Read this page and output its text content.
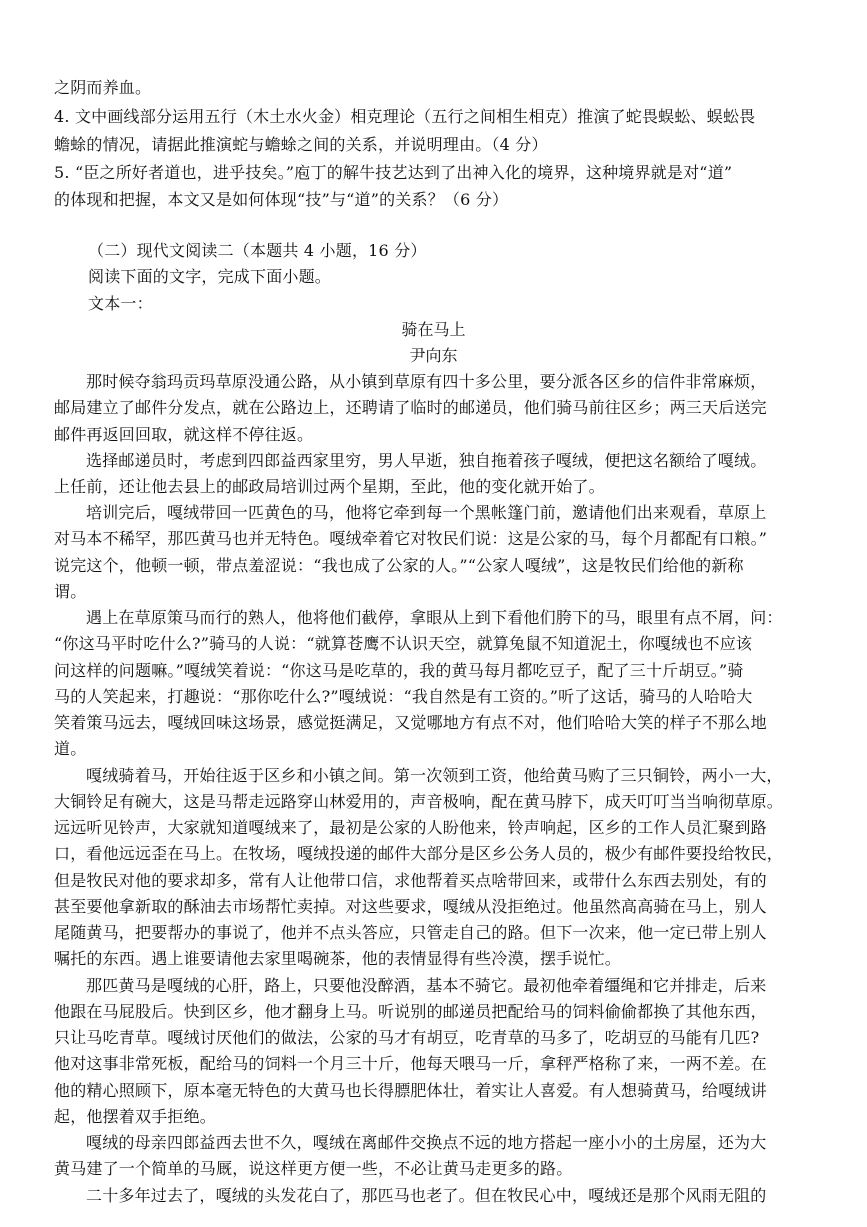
之阴而养血。
4. 文中画线部分运用五行（木土水火金）相克理论（五行之间相生相克）推演了蛇畏蜈蚣、蜈蚣畏
蟾蜍的情况，请据此推演蛇与蟾蜍之间的关系，并说明理由。（4 分）
5. “臣之所好者道也，进乎技矣。”庖丁的解牛技艺达到了出神入化的境界，这种境界就是对“道”
的体现和把握，本文又是如何体现“技”与“道”的关系？（6 分）
（二）现代文阅读二（本题共 4 小题，16 分）
阅读下面的文字，完成下面小题。
文本一：
骑在马上
尹向东
那时候夺翁玛贡玛草原没通公路，从小镇到草原有四十多公里，要分派各区乡的信件非常麻烦，
邮局建立了邮件分发点，就在公路边上，还聘请了临时的邮递员，他们骑马前往区乡；两三天后送完
邮件再返回回取，就这样不停往返。
选择邮递员时，考虑到四郎益西家里穷，男人早逝，独自拖着孩子嘎绒，便把这名额给了嘎绒。
上任前，还让他去县上的邮政局培训过两个星期，至此，他的变化就开始了。
培训完后，嘎绒带回一匹黄色的马，他将它牵到每一个黑帐篷门前，邀请他们出来观看，草原上
对马本不稀罕，那匹黄马也并无特色。嘎绒牵着它对牧民们说：这是公家的马，每个月都配有口粮。”
说完这个，他顿一顿，带点羞涩说：“我也成了公家的人。”“公家人嘎绒”，这是牧民们给他的新称
谓。
遇上在草原策马而行的熟人，他将他们截停，拿眼从上到下看他们胯下的马，眼里有点不屑，问：
“你这马平时吃什么?”骑马的人说：“就算苍鹰不认识天空，就算兔鼠不知道泥土，你嘎绒也不应该
问这样的问题嘛。”嘎绒笑着说：“你这马是吃草的，我的黄马每月都吃豆子，配了三十斤胡豆。”骑
马的人笑起来，打趣说：“那你吃什么?”嘎绒说：“我自然是有工资的。”听了这话，骑马的人哈哈大
笑着策马远去，嘎绒回味这场景，感觉挺满足，又觉哪地方有点不对，他们哈哈大笑的样子不那么地
道。
嘎绒骑着马，开始往返于区乡和小镇之间。第一次领到工资，他给黄马购了三只铜铃，两小一大，
大铜铃足有碗大，这是马帮走远路穿山林爱用的，声音极响，配在黄马脖下，成天叮叮当当响彻草原。
远远听见铃声，大家就知道嘎绒来了，最初是公家的人盼他来，铃声响起，区乡的工作人员汇聚到路
口，看他远远歪在马上。在牧场，嘎绒投递的邮件大部分是区乡公务人员的，极少有邮件要投给牧民，
但是牧民对他的要求却多，常有人让他带口信，求他帮着买点啥带回来，或带什么东西去别处，有的
甚至要他拿新取的酥油去市场帮忙卖掉。对这些要求，嘎绒从没拒绝过。他虽然高高骑在马上，别人
尾随黄马，把要帮办的事说了，他并不点头答应，只管走自己的路。但下一次来，他一定已带上别人
嘱托的东西。遇上谁要请他去家里喝碗茶，他的表情显得有些冷漠，摆手说忙。
那匹黄马是嘎绒的心肝，路上，只要他没醉酒，基本不骑它。最初他牵着缰绳和它并排走，后来
他跟在马屁股后。快到区乡，他才翻身上马。听说别的邮递员把配给马的饲料偷偷都换了其他东西，
只让马吃青草。嘎绒讨厌他们的做法，公家的马才有胡豆，吃青草的马多了，吃胡豆的马能有几匹?
他对这事非常死板，配给马的饲料一个月三十斤，他每天喂马一斤，拿秤严格称了来，一两不差。在
他的精心照顾下，原本毫无特色的大黄马也长得膘肥体壮，着实让人喜爱。有人想骑黄马，给嘎绒讲
起，他摆着双手拒绝。
嘎绒的母亲四郎益西去世不久，嘎绒在离邮件交换点不远的地方搭起一座小小的土房屋，还为大
黄马建了一个简单的马厩，说这样更方便一些，不必让黄马走更多的路。
二十多年过去了，嘎绒的头发花白了，那匹马也老了。但在牧民心中，嘎绒还是那个风雨无阻的
